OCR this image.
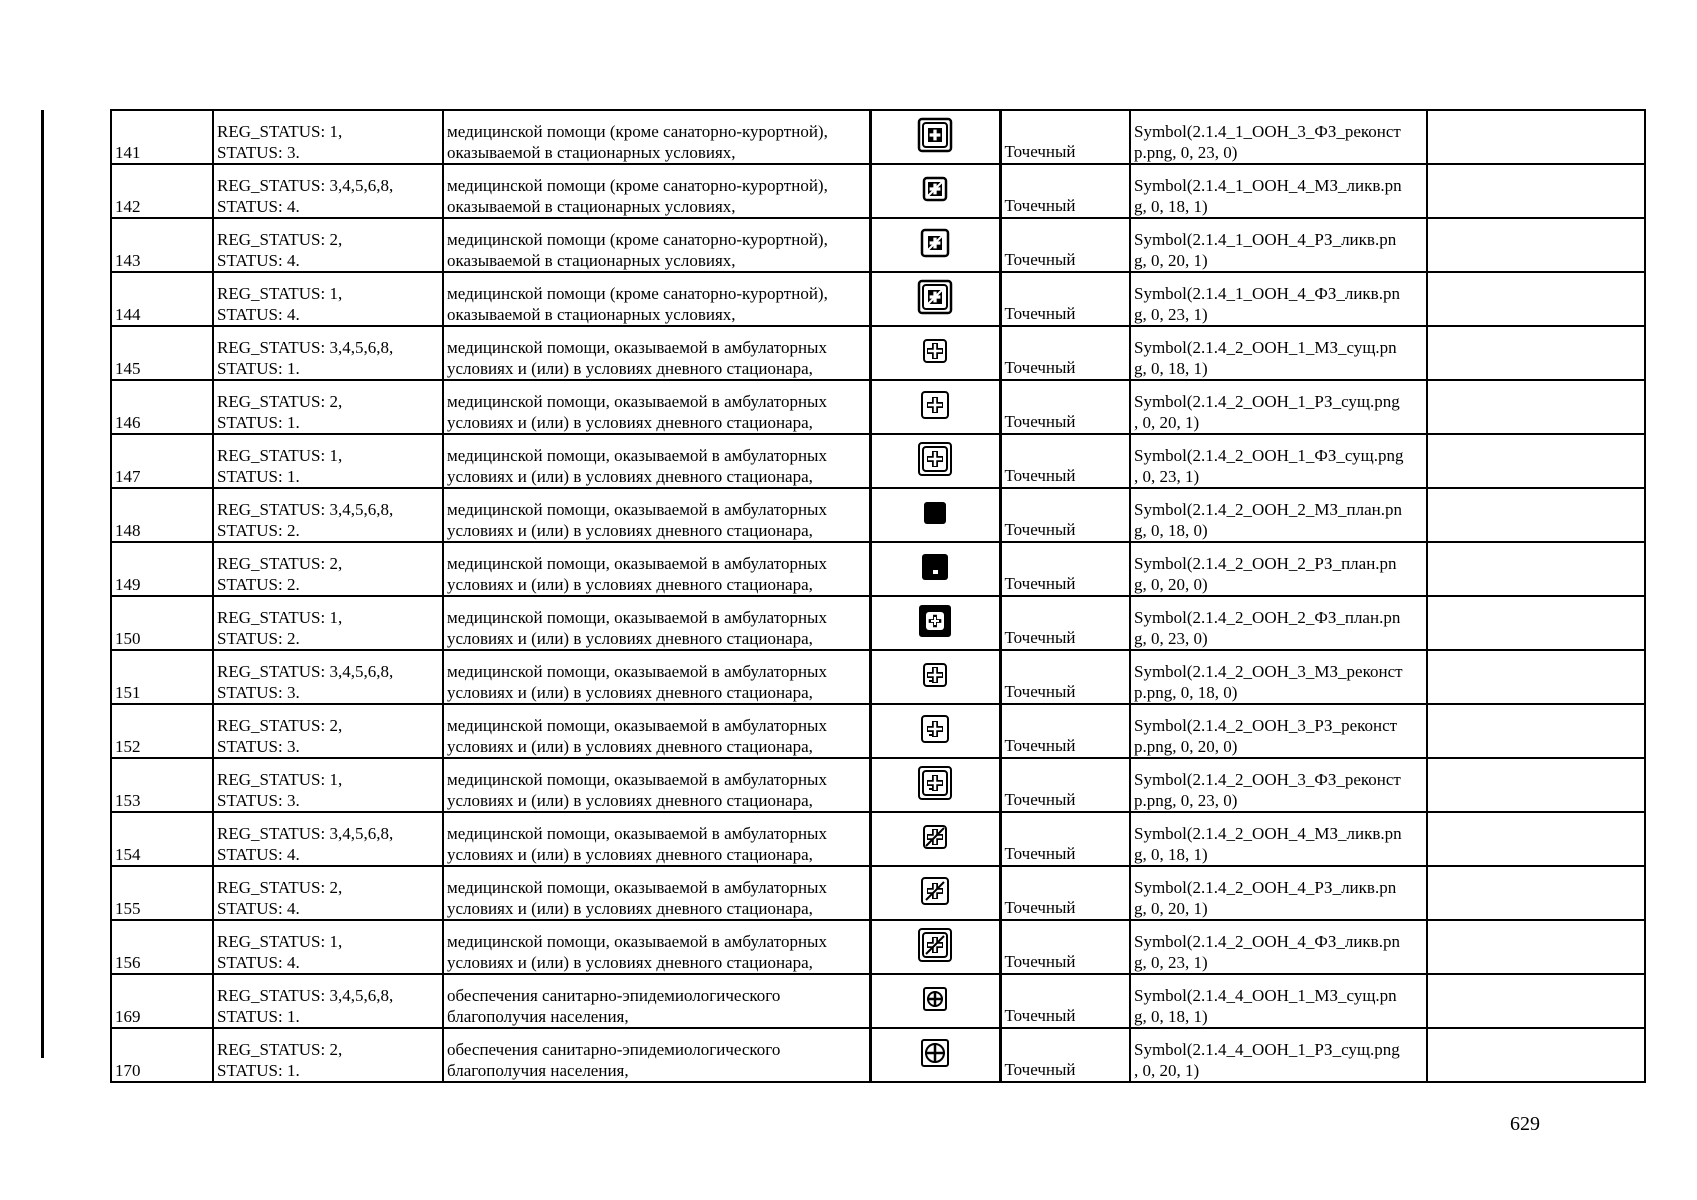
141	REG_STATUS: 1,
STATUS: 3.	медицинской помощи (кроме санаторно-курортной),
оказываемой в стационарных условиях,		Точечный	Symbol(2.1.4_1_ООН_3_ФЗ_реконст
p.png, 0, 23, 0)	

142	REG_STATUS: 3,4,5,6,8,
STATUS: 4.	медицинской помощи (кроме санаторно-курортной),
оказываемой в стационарных условиях,		Точечный	Symbol(2.1.4_1_ООН_4_МЗ_ликв.pn
g, 0, 18, 1)	

143	REG_STATUS: 2,
STATUS: 4.	медицинской помощи (кроме санаторно-курортной),
оказываемой в стационарных условиях,		Точечный	Symbol(2.1.4_1_ООН_4_РЗ_ликв.pn
g, 0, 20, 1)	

144	REG_STATUS: 1,
STATUS: 4.	медицинской помощи (кроме санаторно-курортной),
оказываемой в стационарных условиях,		Точечный	Symbol(2.1.4_1_ООН_4_ФЗ_ликв.pn
g, 0, 23, 1)	

145	REG_STATUS: 3,4,5,6,8,
STATUS: 1.	медицинской помощи, оказываемой в амбулаторных
условиях и (или) в условиях дневного стационара,		Точечный	Symbol(2.1.4_2_ООН_1_МЗ_сущ.pn
g, 0, 18, 1)	

146	REG_STATUS: 2,
STATUS: 1.	медицинской помощи, оказываемой в амбулаторных
условиях и (или) в условиях дневного стационара,		Точечный	Symbol(2.1.4_2_ООН_1_РЗ_сущ.png
, 0, 20, 1)	

147	REG_STATUS: 1,
STATUS: 1.	медицинской помощи, оказываемой в амбулаторных
условиях и (или) в условиях дневного стационара,		Точечный	Symbol(2.1.4_2_ООН_1_ФЗ_сущ.png
, 0, 23, 1)	

148	REG_STATUS: 3,4,5,6,8,
STATUS: 2.	медицинской помощи, оказываемой в амбулаторных
условиях и (или) в условиях дневного стационара,		Точечный	Symbol(2.1.4_2_ООН_2_МЗ_план.pn
g, 0, 18, 0)	

149	REG_STATUS: 2,
STATUS: 2.	медицинской помощи, оказываемой в амбулаторных
условиях и (или) в условиях дневного стационара,		Точечный	Symbol(2.1.4_2_ООН_2_РЗ_план.pn
g, 0, 20, 0)	

150	REG_STATUS: 1,
STATUS: 2.	медицинской помощи, оказываемой в амбулаторных
условиях и (или) в условиях дневного стационара,		Точечный	Symbol(2.1.4_2_ООН_2_ФЗ_план.pn
g, 0, 23, 0)	

151	REG_STATUS: 3,4,5,6,8,
STATUS: 3.	медицинской помощи, оказываемой в амбулаторных
условиях и (или) в условиях дневного стационара,		Точечный	Symbol(2.1.4_2_ООН_3_МЗ_реконст
p.png, 0, 18, 0)	

152	REG_STATUS: 2,
STATUS: 3.	медицинской помощи, оказываемой в амбулаторных
условиях и (или) в условиях дневного стационара,		Точечный	Symbol(2.1.4_2_ООН_3_РЗ_реконст
p.png, 0, 20, 0)	

153	REG_STATUS: 1,
STATUS: 3.	медицинской помощи, оказываемой в амбулаторных
условиях и (или) в условиях дневного стационара,		Точечный	Symbol(2.1.4_2_ООН_3_ФЗ_реконст
p.png, 0, 23, 0)	

154	REG_STATUS: 3,4,5,6,8,
STATUS: 4.	медицинской помощи, оказываемой в амбулаторных
условиях и (или) в условиях дневного стационара,		Точечный	Symbol(2.1.4_2_ООН_4_МЗ_ликв.pn
g, 0, 18, 1)	

155	REG_STATUS: 2,
STATUS: 4.	медицинской помощи, оказываемой в амбулаторных
условиях и (или) в условиях дневного стационара,		Точечный	Symbol(2.1.4_2_ООН_4_РЗ_ликв.pn
g, 0, 20, 1)	

156	REG_STATUS: 1,
STATUS: 4.	медицинской помощи, оказываемой в амбулаторных
условиях и (или) в условиях дневного стационара,		Точечный	Symbol(2.1.4_2_ООН_4_ФЗ_ликв.pn
g, 0, 23, 1)	

169	REG_STATUS: 3,4,5,6,8,
STATUS: 1.	обеспечения санитарно-эпидемиологического
благополучия населения,		Точечный	Symbol(2.1.4_4_ООН_1_МЗ_сущ.pn
g, 0, 18, 1)	

170	REG_STATUS: 2,
STATUS: 1.	обеспечения санитарно-эпидемиологического
благополучия населения,		Точечный	Symbol(2.1.4_4_ООН_1_РЗ_сущ.png
, 0, 20, 1)	

629
